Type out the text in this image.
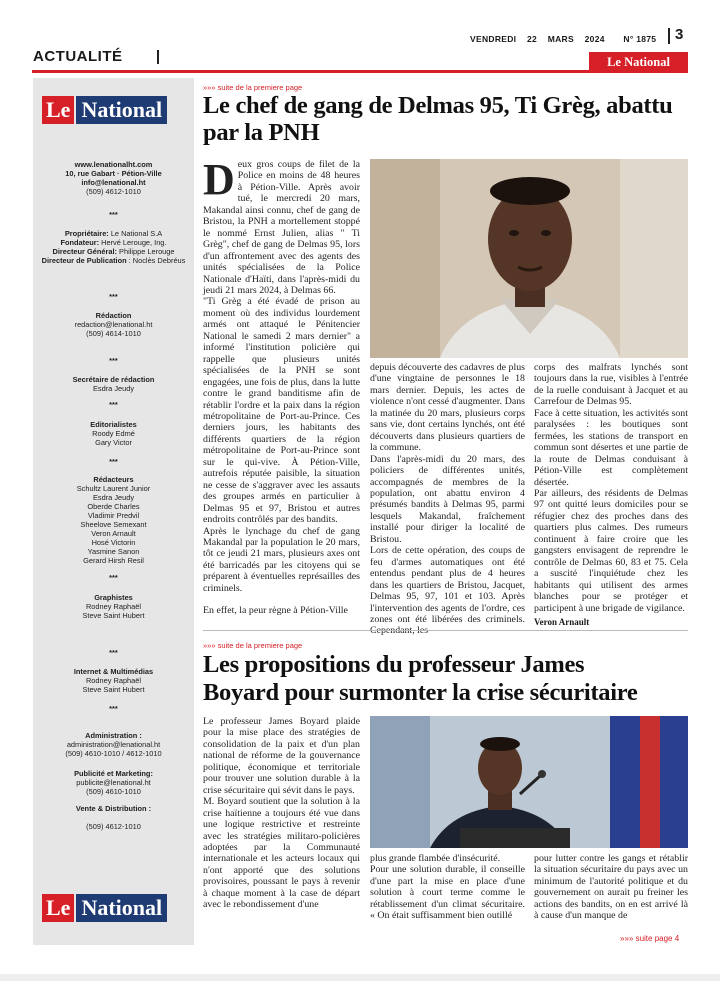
ACTUALITÉ
VENDREDI 22 MARS 2024 N° 1875	3
Le National
Le National
www.lenationalht.com
10, rue Gabart · Pétion-Ville
info@lenational.ht
(509) 4612-1010
***
Propriétaire: Le National S.A
Fondateur: Hervé Lerouge, Ing.
Directeur Général: Philippe Lerouge
Directeur de Publication : Noclès Debréus
***
Rédaction
redaction@lenational.ht
(509) 4614-1010
***
Secrétaire de rédaction
Esdra Jeudy
***
Editorialistes
Roody Edmé
Gary Victor
***
Rédacteurs
Schultz Laurent Junior
Esdra Jeudy
Oberde Charles
Vladimir Predvil
Sheelove Semexant
Veron Arnault
Hosé Victorin
Yasmine Sanon
Gerard Hirsh Resil
***
Graphistes
Rodney Raphaël
Steve Saint Hubert
***
Internet & Multimédias
Rodney Raphaël
Steve Saint Hubert
***
Administration :
administration@lenational.ht
(509) 4610-1010 / 4612-1010
Publicité et Marketing:
publicite@lenational.ht
(509) 4610-1010
Vente & Distribution :
(509) 4612-1010
Le National
»»» suite de la premiere page
Le chef de gang de Delmas 95, Ti Grèg, abattu
par la PNH

Deux gros coups de filet de la Police en moins de 48 heures à Pétion-Ville. Après avoir tué, le mercredi 20 mars, Makandal ainsi connu, chef de gang de Bristou, la PNH a mortellement stoppé le nommé Ernst Julien, alias " Ti Grèg", chef de gang de Delmas 95, lors d'un affrontement avec des agents des unités spécialisées de la Police Nationale d'Haïti, dans l'après-midi du jeudi 21 mars 2024, à Delmas 66.

"Ti Grèg a été évadé de prison au moment où des individus lourdement armés ont attaqué le Pénitencier National le samedi 2 mars dernier" a informé l'institution policière qui rappelle que plusieurs unités spécialisées de la PNH se sont engagées, une fois de plus, dans la lutte contre le grand banditisme afin de rétablir l'ordre et la paix dans la région métropolitaine de Port-au-Prince. Ces derniers jours, les habitants des différents quartiers de la région métropolitaine de Port-au-Prince sont sur le qui-vive. À Pétion-Ville, autrefois réputée paisible, la situation ne cesse de s'aggraver avec les assauts des groupes armés en particulier à Delmas 95 et 97, Bristou et autres endroits contrôlés par des bandits.

Après le lynchage du chef de gang Makandal par la population le 20 mars, tôt ce jeudi 21 mars, plusieurs axes ont été barricadés par les citoyens qui se préparent à éventuelles représailles des criminels.

En effet, la peur règne à Pétion-Ville

depuis découverte des cadavres de plus d'une vingtaine de personnes le 18 mars dernier. Depuis, les actes de violence n'ont cessé d'augmenter. Dans la matinée du 20 mars, plusieurs corps sans vie, dont certains lynchés, ont été découverts dans plusieurs quartiers de la commune.

Dans l'après-midi du 20 mars, des policiers de différentes unités, accompagnés de membres de la population, ont abattu environ 4 présumés bandits à Delmas 95, parmi lesquels Makandal, fraîchement installé pour diriger la localité de Bristou.

Lors de cette opération, des coups de feu d'armes automatiques ont été entendus pendant plus de 4 heures dans les quartiers de Bristou, Jacquet, Delmas 95, 97, 101 et 103. Après l'intervention des agents de l'ordre, ces zones ont été libérées des criminels.

corps des malfrats lynchés sont toujours dans la rue, visibles à l'entrée de la ruelle conduisant à Jacquet et au Carrefour de Delmas 95.

Face à cette situation, les activités sont paralysées : les boutiques sont fermées, les stations de transport en commun sont désertes et une partie de la route de Delmas conduisant à Pétion-Ville est complètement désertée.

Par ailleurs, des résidents de Delmas 97 ont quitté leurs domiciles pour se réfugier chez des proches dans des quartiers plus calmes. Des rumeurs continuent à faire croire que les gangsters envisagent de reprendre le contrôle de Delmas 60, 83 et 75. Cela a suscité l'inquiétude chez les habitants qui utilisent des armes blanches pour se protéger et participent à une brigade de vigilance.

Veron Arnault
»»» suite de la premiere page
Les propositions du professeur James
Boyard pour surmonter la crise sécuritaire

Le professeur James Boyard plaide pour la mise place des stratégies de consolidation de la paix et d'un plan national de réforme de la gouvernance politique, économique et territoriale pour trouver une solution durable à la crise sécuritaire qui sévit dans le pays.

M. Boyard soutient que la solution à la crise haïtienne a toujours été vue dans une logique restrictive et restreinte avec les stratégies militaro-policières adoptées par la Communauté internationale et les acteurs locaux qui n'ont apporté que des solutions provisoires, poussant le pays à revenir à chaque moment à la case de départ avec le rebondissement d'une

plus grande flambée d'insécurité.

Pour une solution durable, il conseille d'une part la mise en place d'une solution à court terme comme le rétablissement d'un climat sécuritaire. « On était suffisamment bien outillé

pour lutter contre les gangs et rétablir la situation sécuritaire du pays avec un minimum de l'autorité politique et du gouvernement on aurait pu freiner les actions des bandits, on en est arrivé là à cause d'un manque de

»»» suite page 4
